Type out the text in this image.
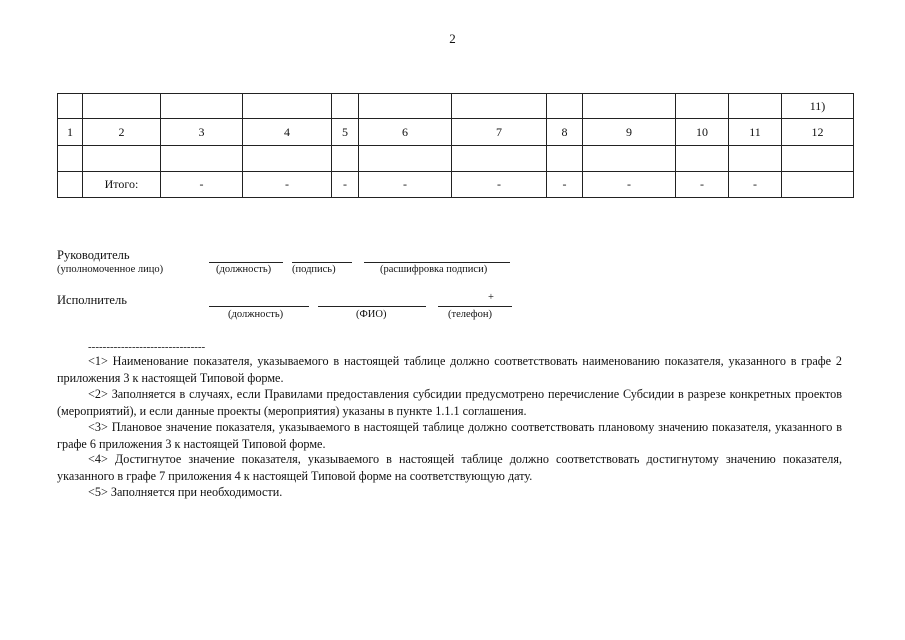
2
											11)
1	2	3	4	5	6	7	8	9	10	11	12

	Итого:	-	-	-	-	-	-	-	-	-	
Руководитель
(уполномоченное лицо)	(должность) (подпись)	(расшифровка подписи)
Исполнитель	+
(должность)	(ФИО)	(телефон)
--------------------------------
<1> Наименование показателя, указываемого в настоящей таблице должно соответствовать наименованию показателя, указанного в графе 2 приложения 3 к настоящей Типовой форме.
<2> Заполняется в случаях, если Правилами предоставления субсидии предусмотрено перечисление Субсидии в разрезе конкретных проектов (мероприятий), и если данные проекты (мероприятия) указаны в пункте 1.1.1 соглашения.
<3> Плановое значение показателя, указываемого в настоящей таблице должно соответствовать плановому значению показателя, указанного в графе 6 приложения 3 к настоящей Типовой форме.
<4> Достигнутое значение показателя, указываемого в настоящей таблице должно соответствовать достигнутому значению показателя, указанного в графе 7 приложения 4 к настоящей Типовой форме на соответствующую дату.
<5> Заполняется при необходимости.
